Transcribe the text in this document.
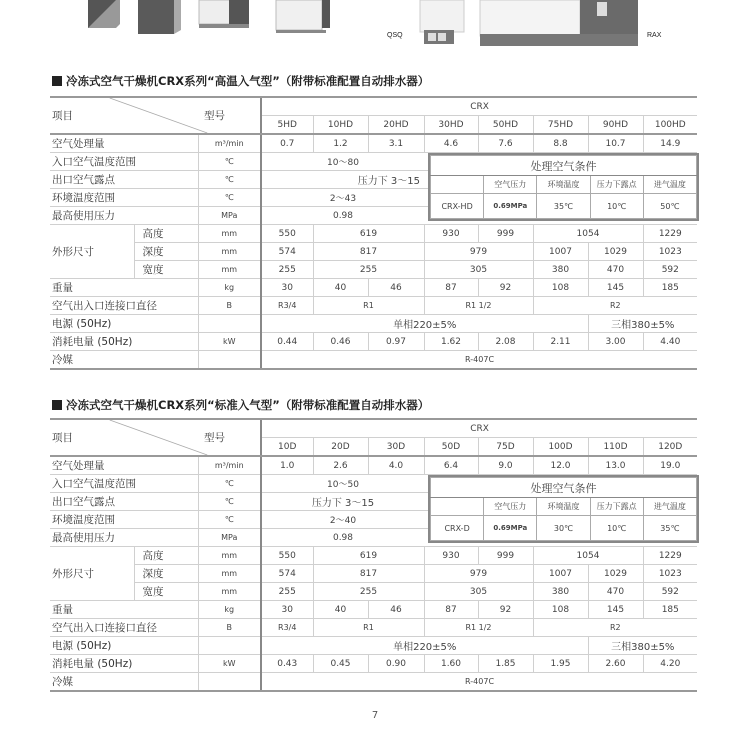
QSQ	RAX
冷冻式空气干燥机CRX系列“高温入气型”（附带标准配置自动排水器）
项目 型号			CRX							
			5HD	10HD	20HD	30HD	50HD	75HD	90HD	100HD
空气处理量		m³/min	0.7	1.2	3.1	4.6	7.6	8.8	10.7	14.9
入口空气温度范围		℃	10～80							
出口空气露点		℃	压力下 3～15							
环境温度范围		℃	2～43							
最高使用压力		MPa	0.98							
外形尺寸	高度	mm	550	619		930	999	1054		1229
	深度	mm	574	817		979		1007	1029	1023
	宽度	mm	255	255		305		380	470	592
重量		kg	30	40	46	87	92	108	145	185
空气出入口连接口直径		B	R3/4	R1		R1 1/2		R2		
电源 (50Hz)			单相220±5%						三相380±5%	
消耗电量 (50Hz)		kW	0.44	0.46	0.97	1.62	2.08	2.11	3.00	4.40
冷媒			R-407C							
处理空气条件				
	空气压力	环境温度	压力下露点	进气温度
CRX-HD	0.69MPa	35℃	10℃	50℃
冷冻式空气干燥机CRX系列“标准入气型”（附带标准配置自动排水器）
项目 型号			CRX							
			10D	20D	30D	50D	75D	100D	110D	120D
空气处理量		m³/min	1.0	2.6	4.0	6.4	9.0	12.0	13.0	19.0
入口空气温度范围		℃	10～50							
出口空气露点		℃	压力下 3～15							
环境温度范围		℃	2～40							
最高使用压力		MPa	0.98							
外形尺寸	高度	mm	550	619		930	999	1054		1229
	深度	mm	574	817		979		1007	1029	1023
	宽度	mm	255	255		305		380	470	592
重量		kg	30	40	46	87	92	108	145	185
空气出入口连接口直径		B	R3/4	R1		R1 1/2		R2		
电源 (50Hz)			单相220±5%						三相380±5%	
消耗电量 (50Hz)		kW	0.43	0.45	0.90	1.60	1.85	1.95	2.60	4.20
冷媒			R-407C							
处理空气条件				
	空气压力	环境温度	压力下露点	进气温度
CRX-D	0.69MPa	30℃	10℃	35℃
7
